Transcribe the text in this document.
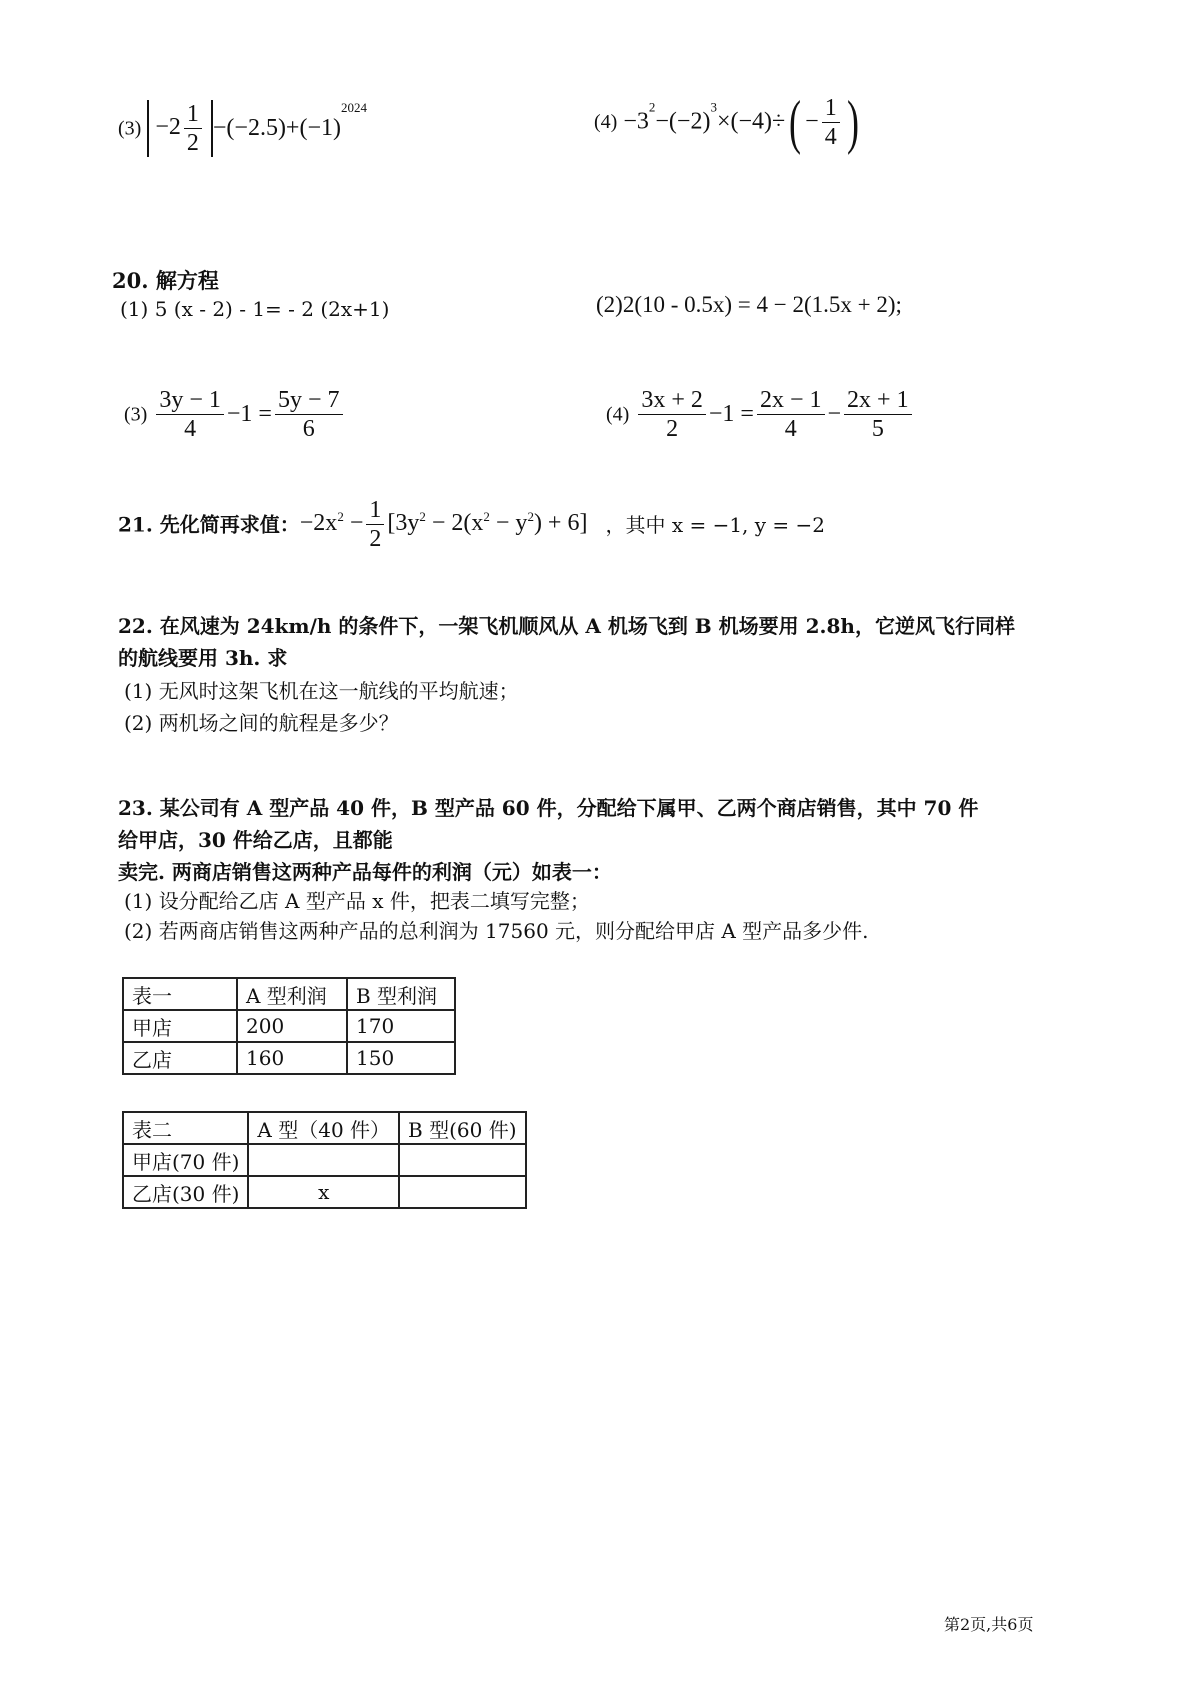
$(3) -2 \frac{1}{2} -(-2.5)+(-1)^{2024}$
$(4) -3^2-(-2)^3\times(-4)\div( - \frac{1}{4}$ )
20. 解方程
(1) 5 (x - 2) - 1= - 2 (2x+1)	(2)2(10 - 0.5x) = 4 − 2(1.5x + 2);
$(3) \frac{3y - 1}{4} -1 = \frac{5y - 7}{6}$	$(4) \frac{3x + 2}{2} -1 = \frac{2x - 1}{4} - \frac{2x + 1}{5}$
21. 先化简再求值：$-2x^2 - \frac{1}{2} [3y^2 - 2(x^2 - y^2) + 6]$ ，其中 x = −1, y = −2
22. 在风速为 24km/h 的条件下，一架飞机顺风从 A 机场飞到 B 机场要用 2.8h，它逆风飞行同样
的航线要用 3h. 求
(1) 无风时这架飞机在这一航线的平均航速；
(2) 两机场之间的航程是多少？
23. 某公司有 A 型产品 40 件，B 型产品 60 件，分配给下属甲、乙两个商店销售，其中 70 件
给甲店，30 件给乙店，且都能
卖完. 两商店销售这两种产品每件的利润（元）如表一：
(1) 设分配给乙店 A 型产品 x 件，把表二填写完整；
(2) 若两商店销售这两种产品的总利润为 17560 元，则分配给甲店 A 型产品多少件.
表一	A 型利润	B 型利润
甲店	200	170
乙店	160	150
表二	A 型（40 件）	B 型(60 件)
甲店(70 件)		
乙店(30 件)	x	
第2页,共6页
